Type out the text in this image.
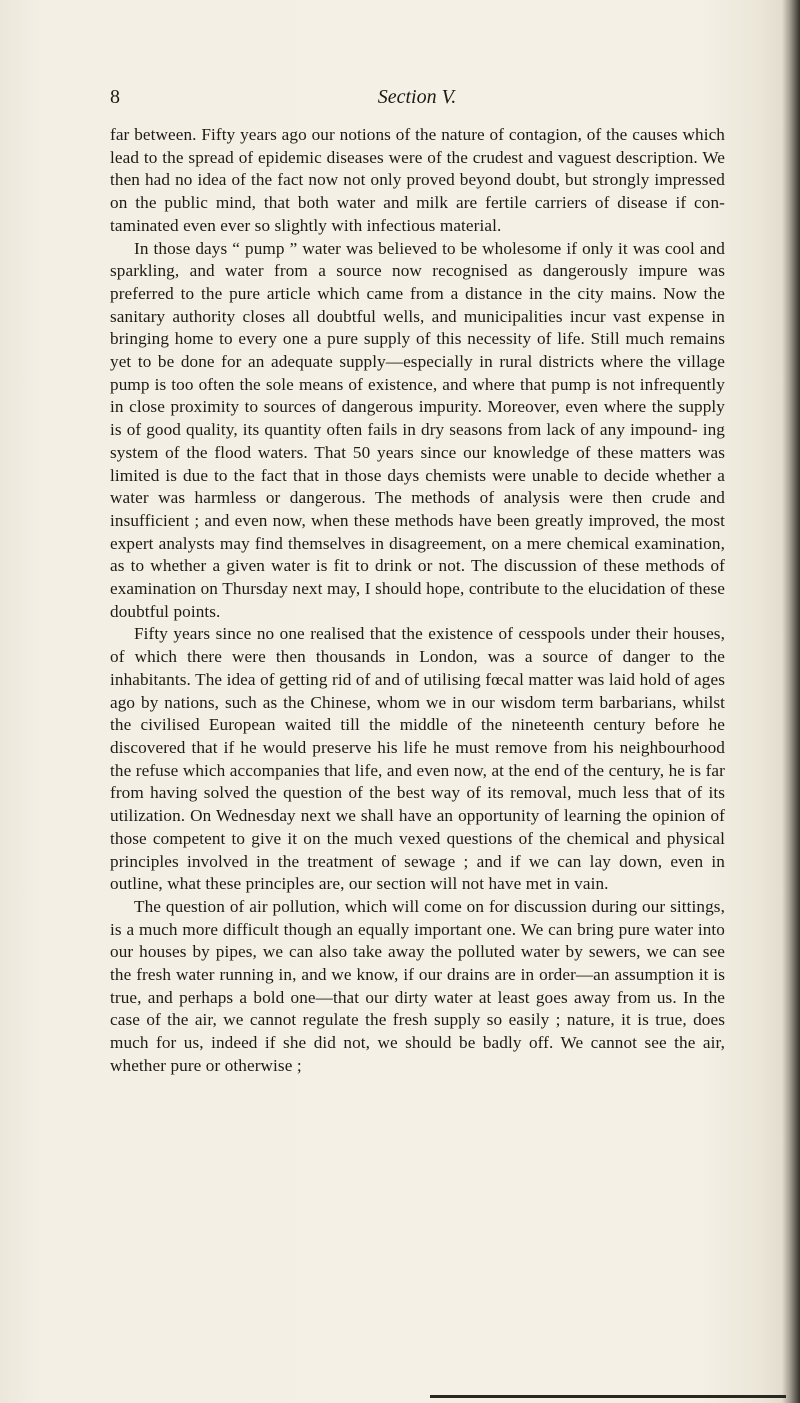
8	Section V.

far between. Fifty years ago our notions of the nature of contagion, of the causes which lead to the spread of epidemic diseases were of the crudest and vaguest description. We then had no idea of the fact now not only proved beyond doubt, but strongly impressed on the public mind, that both water and milk are fertile carriers of disease if con- taminated even ever so slightly with infectious material.

In those days “ pump ” water was believed to be wholesome if only it was cool and sparkling, and water from a source now recognised as dangerously impure was preferred to the pure article which came from a distance in the city mains. Now the sanitary authority closes all doubtful wells, and municipalities incur vast expense in bringing home to every one a pure supply of this necessity of life. Still much remains yet to be done for an adequate supply—especially in rural districts where the village pump is too often the sole means of existence, and where that pump is not infrequently in close proximity to sources of dangerous impurity. Moreover, even where the supply is of good quality, its quantity often fails in dry seasons from lack of any impound- ing system of the flood waters. That 50 years since our knowledge of these matters was limited is due to the fact that in those days chemists were unable to decide whether a water was harmless or dangerous. The methods of analysis were then crude and insufficient ; and even now, when these methods have been greatly improved, the most expert analysts may find themselves in disagreement, on a mere chemical examination, as to whether a given water is fit to drink or not. The discussion of these methods of examination on Thursday next may, I should hope, contribute to the elucidation of these doubtful points.

Fifty years since no one realised that the existence of cesspools under their houses, of which there were then thousands in London, was a source of danger to the inhabitants. The idea of getting rid of and of utilising fœcal matter was laid hold of ages ago by nations, such as the Chinese, whom we in our wisdom term barbarians, whilst the civilised European waited till the middle of the nineteenth century before he discovered that if he would preserve his life he must remove from his neighbourhood the refuse which accompanies that life, and even now, at the end of the century, he is far from having solved the question of the best way of its removal, much less that of its utilization. On Wednesday next we shall have an opportunity of learning the opinion of those competent to give it on the much vexed questions of the chemical and physical principles involved in the treatment of sewage ; and if we can lay down, even in outline, what these principles are, our section will not have met in vain.

The question of air pollution, which will come on for discussion during our sittings, is a much more difficult though an equally important one. We can bring pure water into our houses by pipes, we can also take away the polluted water by sewers, we can see the fresh water running in, and we know, if our drains are in order—an assumption it is true, and perhaps a bold one—that our dirty water at least goes away from us. In the case of the air, we cannot regulate the fresh supply so easily ; nature, it is true, does much for us, indeed if she did not, we should be badly off. We cannot see the air, whether pure or otherwise ;
